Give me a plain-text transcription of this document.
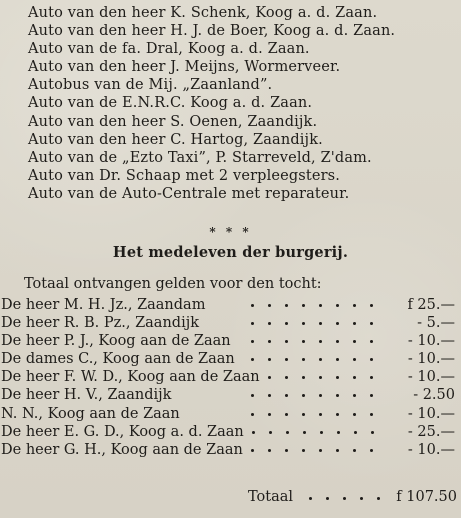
Auto van den heer K. Schenk, Koog a. d. Zaan.
Auto van den heer H. J. de Boer, Koog a. d. Zaan.
Auto van de fa. Dral, Koog a. d. Zaan.
Auto van den heer J. Meijns, Wormerveer.
Autobus van de Mij. „Zaanland”.
Auto van de E.N.R.C. Koog a. d. Zaan.
Auto van den heer S. Oenen, Zaandijk.
Auto van den heer C. Hartog, Zaandijk.
Auto van de „Ezto Taxi”, P. Starreveld, Z'dam.
Auto van Dr. Schaap met 2 verpleegsters.
Auto van de Auto-Centrale met reparateur.
* * *
Het medeleven der burgerij.
Totaal ontvangen gelden voor den tocht:
De heer M. H. Jz., Zaandam	f 25.—
De heer R. B. Pz., Zaandijk	- 5.—
De heer P. J., Koog aan de Zaan	- 10.—
De dames C., Koog aan de Zaan	- 10.—
De heer F. W. D., Koog aan de Zaan	- 10.—
De heer H. V., Zaandijk	- 2.50
N. N., Koog aan de Zaan	- 10.—
De heer E. G. D., Koog a. d. Zaan	- 25.—
De heer G. H., Koog aan de Zaan	- 10.—
Totaal	f 107.50
